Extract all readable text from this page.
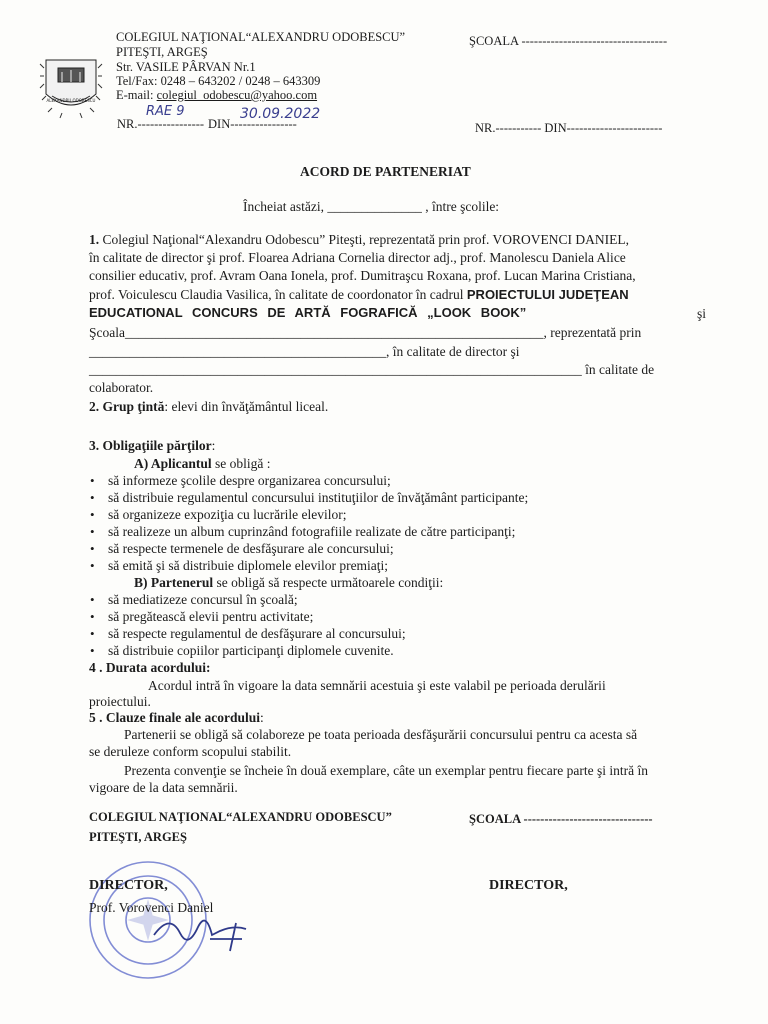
ALEXANDRU ODOBESCU
COLEGIUL NAŢIONAL“ALEXANDRU ODOBESCU”
PITEŞTI, ARGEŞ
Str. VASILE PÂRVAN Nr.1
Tel/Fax: 0248 – 643202 / 0248 – 643309
E-mail: colegiul_odobescu@yahoo.com
NR.----------------
RAE 9
DIN----------------
30.09.2022
ŞCOALA -----------------------------------
NR.----------- DIN-----------------------
ACORD DE PARTENERIAT
Încheiat astăzi, ______________ , între şcolile:
1. Colegiul Naţional“Alexandru Odobescu” Piteşti, reprezentată prin prof. VOROVENCI DANIEL,
în calitate de director şi prof. Floarea Adriana Cornelia director adj., prof. Manolescu Daniela Alice
consilier educativ, prof. Avram Oana Ionela, prof. Dumitraşcu Roxana, prof. Lucan Marina Cristiana,
prof. Voiculescu Claudia Vasilica, în calitate de coordonator în cadrul PROIECTULUI JUDEŢEAN
EDUCATIONAL CONCURS DE ARTĂ FOGRAFICĂ „LOOK BOOK”	şi
Şcoala______________________________________________________________, reprezentată prin
____________________________________________, în calitate de director şi
_________________________________________________________________________ în calitate de
colaborator.
2. Grup ţintă: elevi din învăţământul liceal.
3. Obligaţiile părţilor:
A) Aplicantul se obligă :
• să informeze şcolile despre organizarea concursului;
• să distribuie regulamentul concursului instituţiilor de învăţământ participante;
• să organizeze expoziţia cu lucrările elevilor;
• să realizeze un album cuprinzând fotografiile realizate de către participanţi;
• să respecte termenele de desfăşurare ale concursului;
• să emită şi să distribuie diplomele elevilor premiaţi;
B) Partenerul se obligă să respecte următoarele condiţii:
• să mediatizeze concursul în şcoală;
• să pregătească elevii pentru activitate;
• să respecte regulamentul de desfăşurare al concursului;
• să distribuie copiilor participanţi diplomele cuvenite.
4 . Durata acordului:
Acordul intră în vigoare la data semnării acestuia şi este valabil pe perioada derulării
proiectului.
5 . Clauze finale ale acordului:
Partenerii se obligă să colaboreze pe toata perioada desfăşurării concursului pentru ca acesta să
se deruleze conform scopului stabilit.
Prezenta convenţie se încheie în două exemplare, câte un exemplar pentru fiecare parte şi intră în
vigoare de la data semnării.
COLEGIUL NAŢIONAL“ALEXANDRU ODOBESCU”
PITEŞTI, ARGEŞ
ŞCOALA -------------------------------
DIRECTOR,
Prof. Vorovenci Daniel
DIRECTOR,
